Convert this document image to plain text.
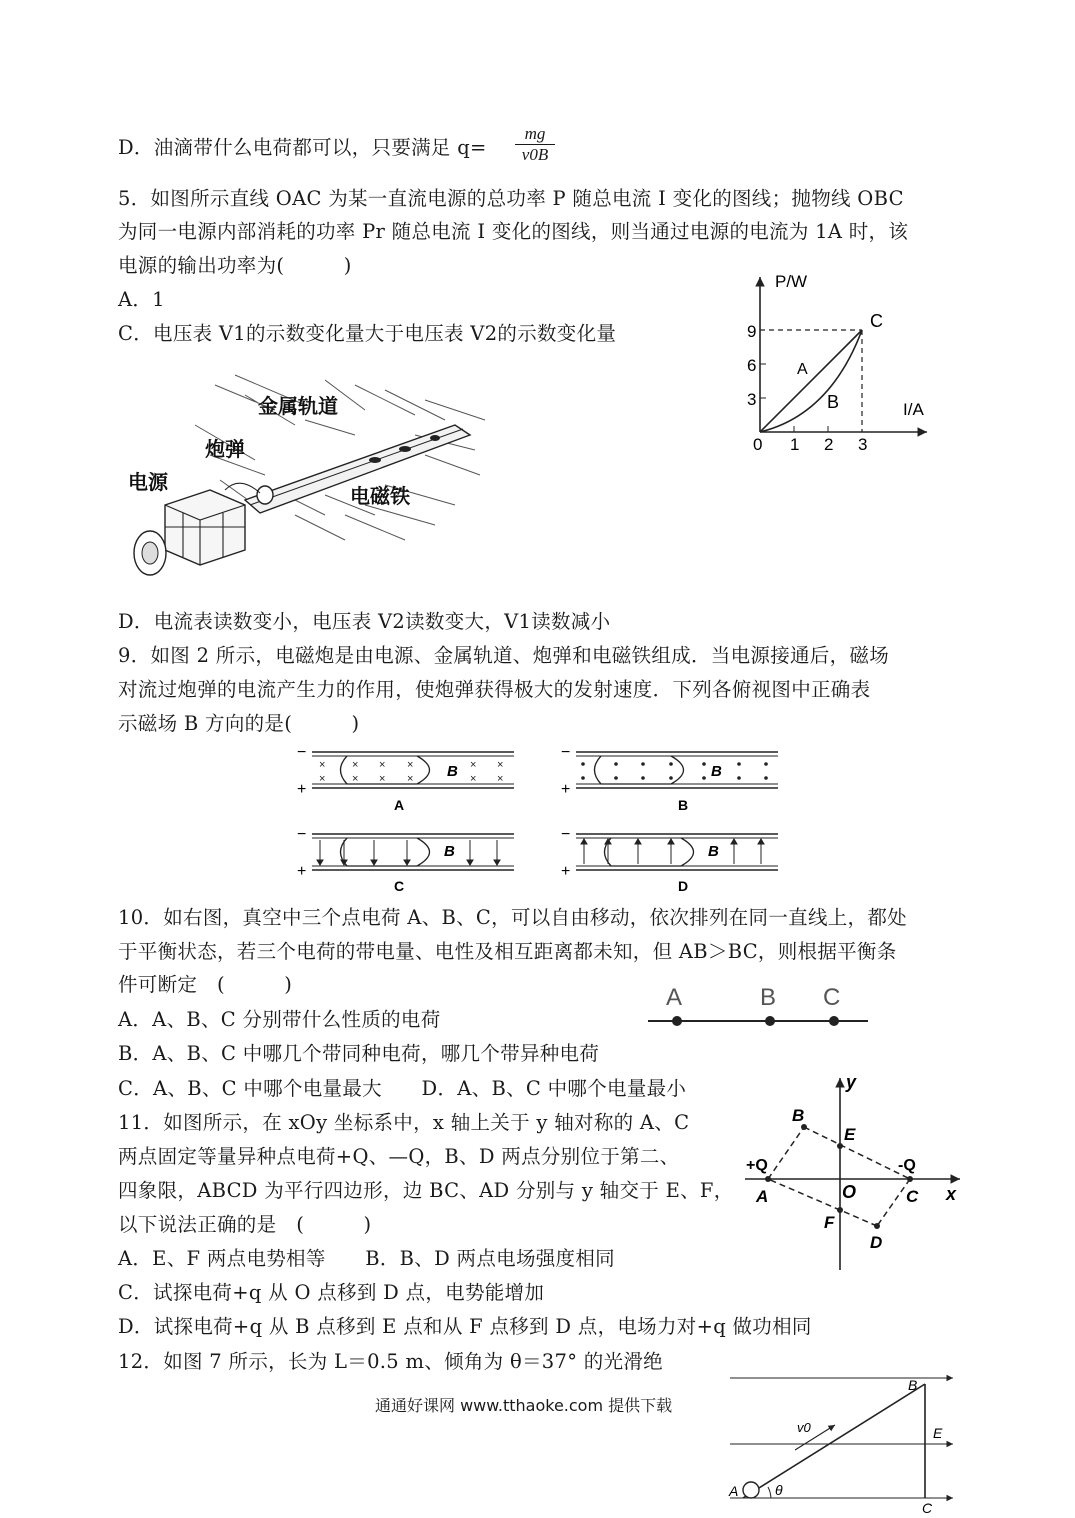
D．油滴带什么电荷都可以，只要满足 $q= \frac{mg}{v0B}$
5．如图所示直线 OAC 为某一直流电源的总功率 P 随总电流 I 变化的图线；抛物线 OBC
为同一电源内部消耗的功率 Pr 随总电流 I 变化的图线，则当通过电源的电流为 1A 时，该
电源的输出功率为(　　　)
A．1
C．电压表 V1的示数变化量大于电压表 V2的示数变化量
D．电流表读数变小，电压表 V2读数变大，V1读数减小
9．如图 2 所示，电磁炮是由电源、金属轨道、炮弹和电磁铁组成．当电源接通后，磁场
对流过炮弹的电流产生力的作用，使炮弹获得极大的发射速度．下列各俯视图中正确表
示磁场 B 方向的是(　　　)
10．如右图，真空中三个点电荷 A、B、C，可以自由移动，依次排列在同一直线上，都处
于平衡状态，若三个电荷的带电量、电性及相互距离都未知，但 AB＞BC，则根据平衡条
件可断定　(　　　)
A．A、B、C 分别带什么性质的电荷
B．A、B、C 中哪几个带同种电荷，哪几个带异种电荷
C．A、B、C 中哪个电量最大　　D．A、B、C 中哪个电量最小
11．如图所示，在 xOy 坐标系中，x 轴上关于 y 轴对称的 A、C
两点固定等量异种点电荷+Q、—Q，B、D 两点分别位于第二、
四象限，ABCD 为平行四边形，边 BC、AD 分别与 y 轴交于 E、F，
以下说法正确的是　(　　　)
A．E、F 两点电势相等　　B．B、D 两点电场强度相同
C．试探电荷+q 从 O 点移到 D 点，电势能增加
D．试探电荷+q 从 B 点移到 E 点和从 F 点移到 D 点，电场力对+q 做功相同
12．如图 7 所示，长为 L＝0.5 m、倾角为 θ＝37° 的光滑绝
通通好课网 www.tthaoke.com 提供下载
P/W
I/A
9
6
3
0 1 2 3
C
A
B
金属轨道
炮弹
电源
电磁铁
−
+
×
×
×
×
×
×
×
×
×
×
×
×
B
A
−
+
B
B
−
+
B
C
−
+
B
D
A	B C
y
x
O
A
B
C
D
E
F
+Q	-Q
A
B
C
E
v0
θ
